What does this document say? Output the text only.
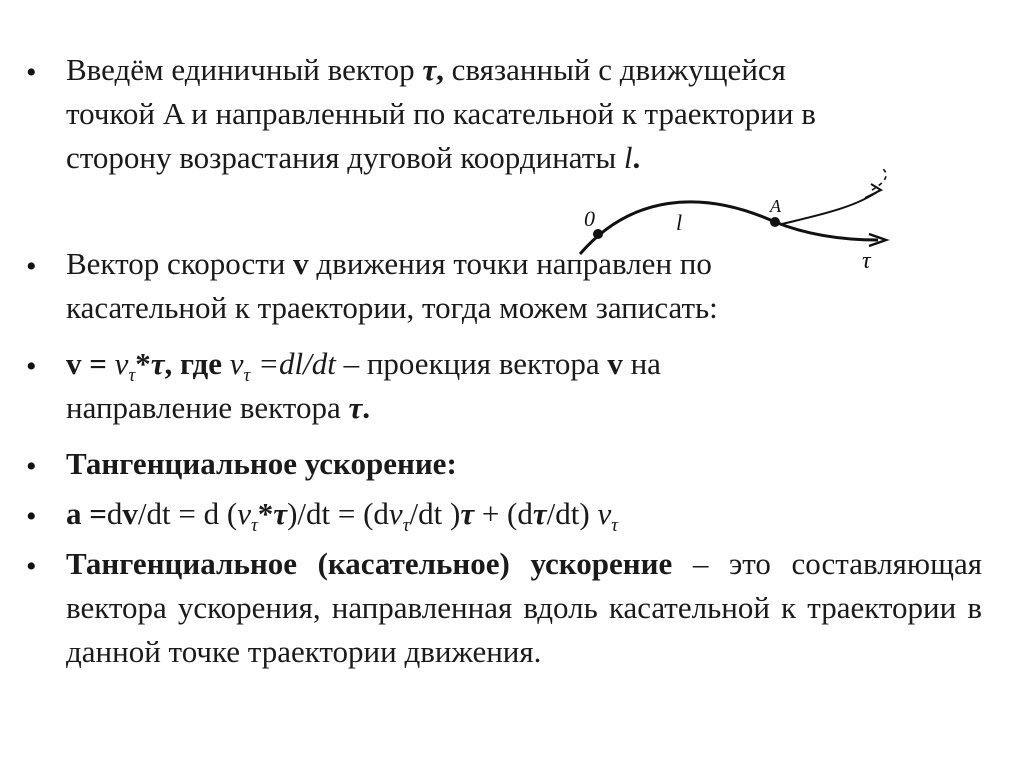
• Введём единичный вектор τ, связанный с движущейся
точкой A и направленный по касательной к траектории в
сторону возрастания дуговой координаты l.
0	l
A
τ
• Вектор скорости v движения точки направлен по
касательной к траектории, тогда можем записать:
• $v = v_\tau*\tau$, где $v_\tau =dl/dt$ – проекция вектора v на
направление вектора τ.
• Тангенциальное ускорение:
• a =dv/dt = d $(v_\tau*\tau)/dt = (dv_\tau/dt$ )τ + (dτ/dt) $v_\tau$
• Тангенциальное (касательное) ускорение – это составляющая вектора ускорения, направленная вдоль касательной к траектории в данной точке траектории движения.
